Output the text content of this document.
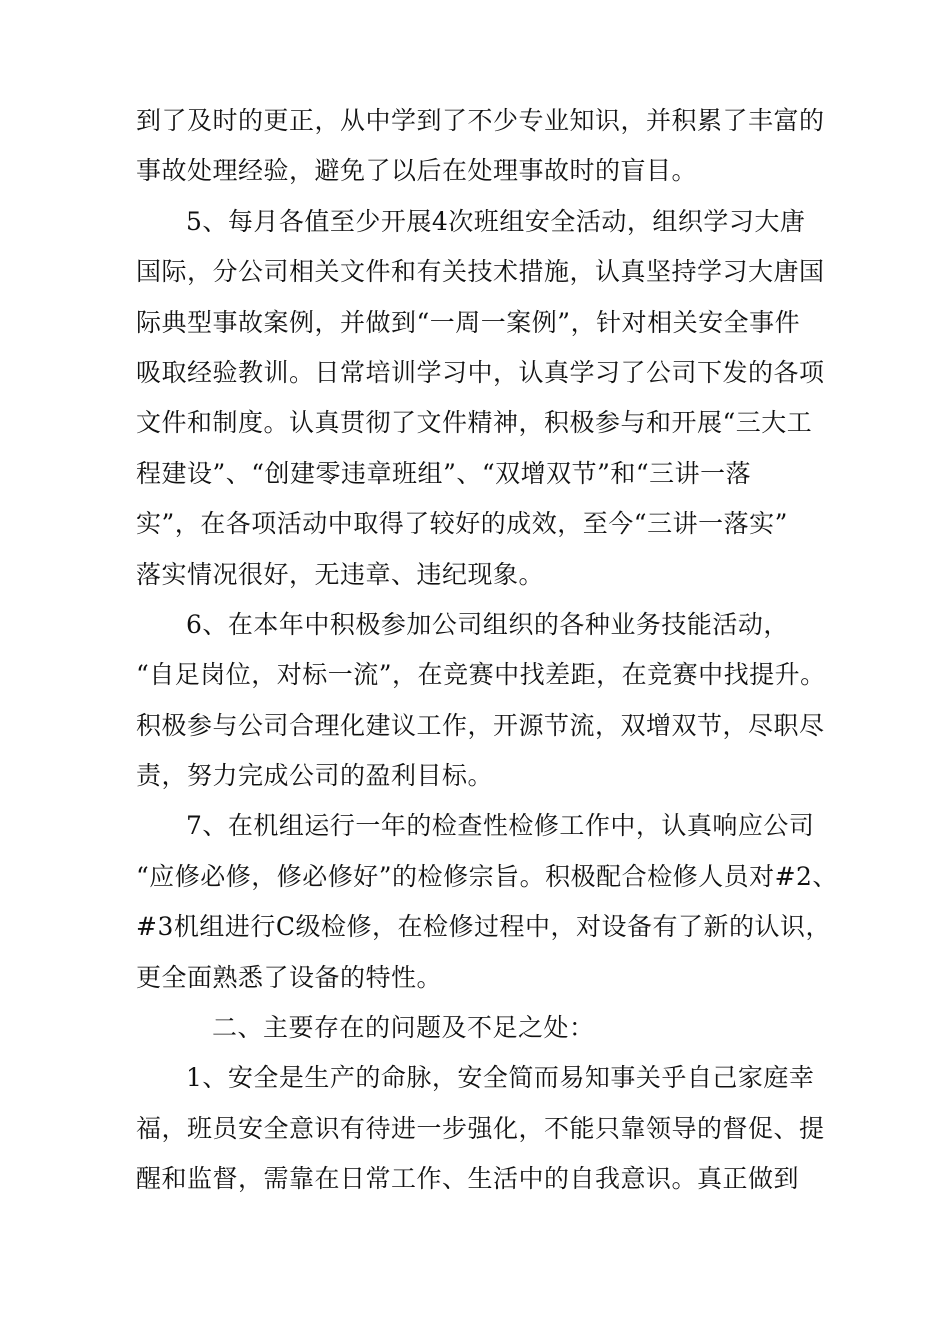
到了及时的更正，从中学到了不少专业知识，并积累了丰富的
事故处理经验，避免了以后在处理事故时的盲目。
5、每月各值至少开展4次班组安全活动，组织学习大唐
国际，分公司相关文件和有关技术措施，认真坚持学习大唐国
际典型事故案例，并做到“一周一案例”，针对相关安全事件
吸取经验教训。日常培训学习中，认真学习了公司下发的各项
文件和制度。认真贯彻了文件精神，积极参与和开展“三大工
程建设”、“创建零违章班组”、“双增双节”和“三讲一落
实”，在各项活动中取得了较好的成效，至今“三讲一落实”
落实情况很好，无违章、违纪现象。
6、在本年中积极参加公司组织的各种业务技能活动，
“自足岗位，对标一流”，在竞赛中找差距，在竞赛中找提升。
积极参与公司合理化建议工作，开源节流，双增双节，尽职尽
责，努力完成公司的盈利目标。
7、在机组运行一年的检查性检修工作中，认真响应公司
“应修必修，修必修好”的检修宗旨。积极配合检修人员对#2、
#3机组进行C级检修，在检修过程中，对设备有了新的认识，
更全面熟悉了设备的特性。
二、主要存在的问题及不足之处：
1、安全是生产的命脉，安全简而易知事关乎自己家庭幸
福，班员安全意识有待进一步强化，不能只靠领导的督促、提
醒和监督，需靠在日常工作、生活中的自我意识。真正做到
